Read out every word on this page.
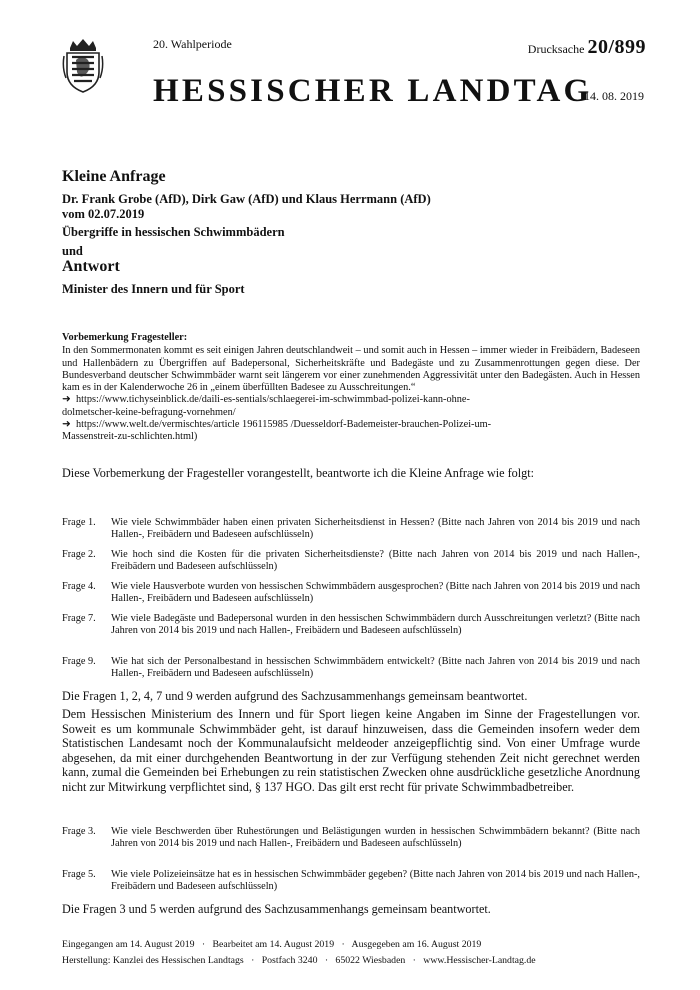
20. Wahlperiode	Drucksache 20/899
HESSISCHER LANDTAG
14. 08. 2019
Kleine Anfrage
Dr. Frank Grobe (AfD), Dirk Gaw (AfD) und Klaus Herrmann (AfD)
vom 02.07.2019
Übergriffe in hessischen Schwimmbädern
und
Antwort
Minister des Innern und für Sport
Vorbemerkung Fragesteller:

In den Sommermonaten kommt es seit einigen Jahren deutschlandweit – und somit auch in Hessen – immer wieder in Freibädern, Badeseen und Hallenbädern zu Übergriffen auf Badepersonal, Sicherheitskräfte und Badegäste und zu Zusammenrottungen gegen diese. Der Bundesverband deutscher Schwimmbäder warnt seit längerem vor einer zunehmenden Aggressivität unter den Badegästen. Auch in Hessen kam es in der Kalenderwoche 26 in „einem überfüllten Badesee zu Ausschreitungen.“

➜ https://www.tichyseinblick.de/daili-es-sentials/schlaegerei-im-schwimmbad-polizei-kann-ohne-
dolmetscher-keine-befragung-vornehmen/
➜ https://www.welt.de/vermischtes/article 196115985 /Duesseldorf-Bademeister-brauchen-Polizei-um-
Massenstreit-zu-schlichten.html)
Diese Vorbemerkung der Fragesteller vorangestellt, beantworte ich die Kleine Anfrage wie folgt:
Frage 1.	Wie viele Schwimmbäder haben einen privaten Sicherheitsdienst in Hessen? (Bitte nach Jahren von 2014 bis 2019 und nach Hallen-, Freibädern und Badeseen aufschlüsseln)
Frage 2.	Wie hoch sind die Kosten für die privaten Sicherheitsdienste? (Bitte nach Jahren von 2014 bis 2019 und nach Hallen-, Freibädern und Badeseen aufschlüsseln)
Frage 4.	Wie viele Hausverbote wurden von hessischen Schwimmbädern ausgesprochen? (Bitte nach Jahren von 2014 bis 2019 und nach Hallen-, Freibädern und Badeseen aufschlüsseln)
Frage 7.	Wie viele Badegäste und Badepersonal wurden in den hessischen Schwimmbädern durch Ausschreitungen verletzt? (Bitte nach Jahren von 2014 bis 2019 und nach Hallen-, Freibädern und Badeseen aufschlüsseln)
Frage 9.	Wie hat sich der Personalbestand in hessischen Schwimmbädern entwickelt? (Bitte nach Jahren von 2014 bis 2019 und nach Hallen-, Freibädern und Badeseen aufschlüsseln)
Die Fragen 1, 2, 4, 7 und 9 werden aufgrund des Sachzusammenhangs gemeinsam beantwortet.
Dem Hessischen Ministerium des Innern und für Sport liegen keine Angaben im Sinne der Fragestellungen vor. Soweit es um kommunale Schwimmbäder geht, ist darauf hinzuweisen, dass die Gemeinden insofern weder dem Statistischen Landesamt noch der Kommunalaufsicht meldeoder anzeigepflichtig sind. Von einer Umfrage wurde abgesehen, da mit einer durchgehenden Beantwortung in der zur Verfügung stehenden Zeit nicht gerechnet werden kann, zumal die Gemeinden bei Erhebungen zu rein statistischen Zwecken ohne ausdrückliche gesetzliche Anordnung nicht zur Mitwirkung verpflichtet sind, § 137 HGO. Das gilt erst recht für private Schwimmbadbetreiber.
Frage 3.	Wie viele Beschwerden über Ruhestörungen und Belästigungen wurden in hessischen Schwimmbädern bekannt? (Bitte nach Jahren von 2014 bis 2019 und nach Hallen-, Freibädern und Badeseen aufschlüsseln)
Frage 5.	Wie viele Polizeieinsätze hat es in hessischen Schwimmbäder gegeben? (Bitte nach Jahren von 2014 bis 2019 und nach Hallen-, Freibädern und Badeseen aufschlüsseln)
Die Fragen 3 und 5 werden aufgrund des Sachzusammenhangs gemeinsam beantwortet.
Eingegangen am 14. August 2019   ·   Bearbeitet am 14. August 2019   ·   Ausgegeben am 16. August 2019
Herstellung: Kanzlei des Hessischen Landtags   ·   Postfach 3240   ·   65022 Wiesbaden   ·   www.Hessischer-Landtag.de
